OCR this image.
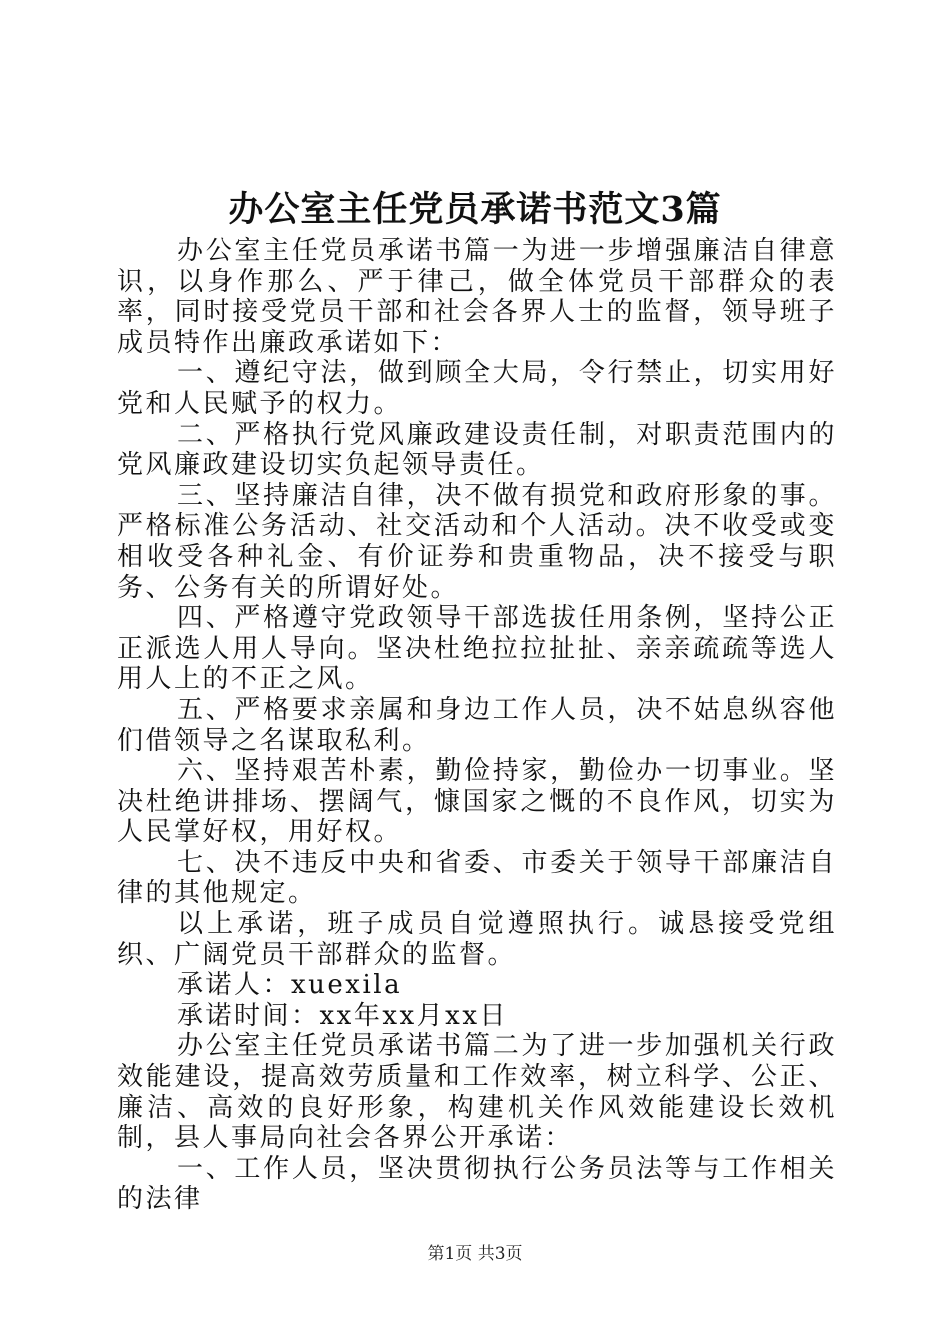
办公室主任党员承诺书范文3篇

办公室主任党员承诺书篇一为进一步增强廉洁自律意识，以身作那么、严于律己，做全体党员干部群众的表率，同时接受党员干部和社会各界人士的监督，领导班子成员特作出廉政承诺如下：

一、遵纪守法，做到顾全大局，令行禁止，切实用好党和人民赋予的权力。

二、严格执行党风廉政建设责任制，对职责范围内的党风廉政建设切实负起领导责任。

三、坚持廉洁自律，决不做有损党和政府形象的事。严格标准公务活动、社交活动和个人活动。决不收受或变相收受各种礼金、有价证券和贵重物品，决不接受与职务、公务有关的所谓好处。

四、严格遵守党政领导干部选拔任用条例，坚持公正正派选人用人导向。坚决杜绝拉拉扯扯、亲亲疏疏等选人用人上的不正之风。

五、严格要求亲属和身边工作人员，决不姑息纵容他们借领导之名谋取私利。

六、坚持艰苦朴素，勤俭持家，勤俭办一切事业。坚决杜绝讲排场、摆阔气，慷国家之慨的不良作风，切实为人民掌好权，用好权。

七、决不违反中央和省委、市委关于领导干部廉洁自律的其他规定。

以上承诺，班子成员自觉遵照执行。诚恳接受党组织、广阔党员干部群众的监督。

承诺人：xuexila

承诺时间：xx年xx月xx日

办公室主任党员承诺书篇二为了进一步加强机关行政效能建设，提高效劳质量和工作效率，树立科学、公正、廉洁、高效的良好形象，构建机关作风效能建设长效机制，县人事局向社会各界公开承诺：

一、工作人员，坚决贯彻执行公务员法等与工作相关的法律

第1页 共3页
